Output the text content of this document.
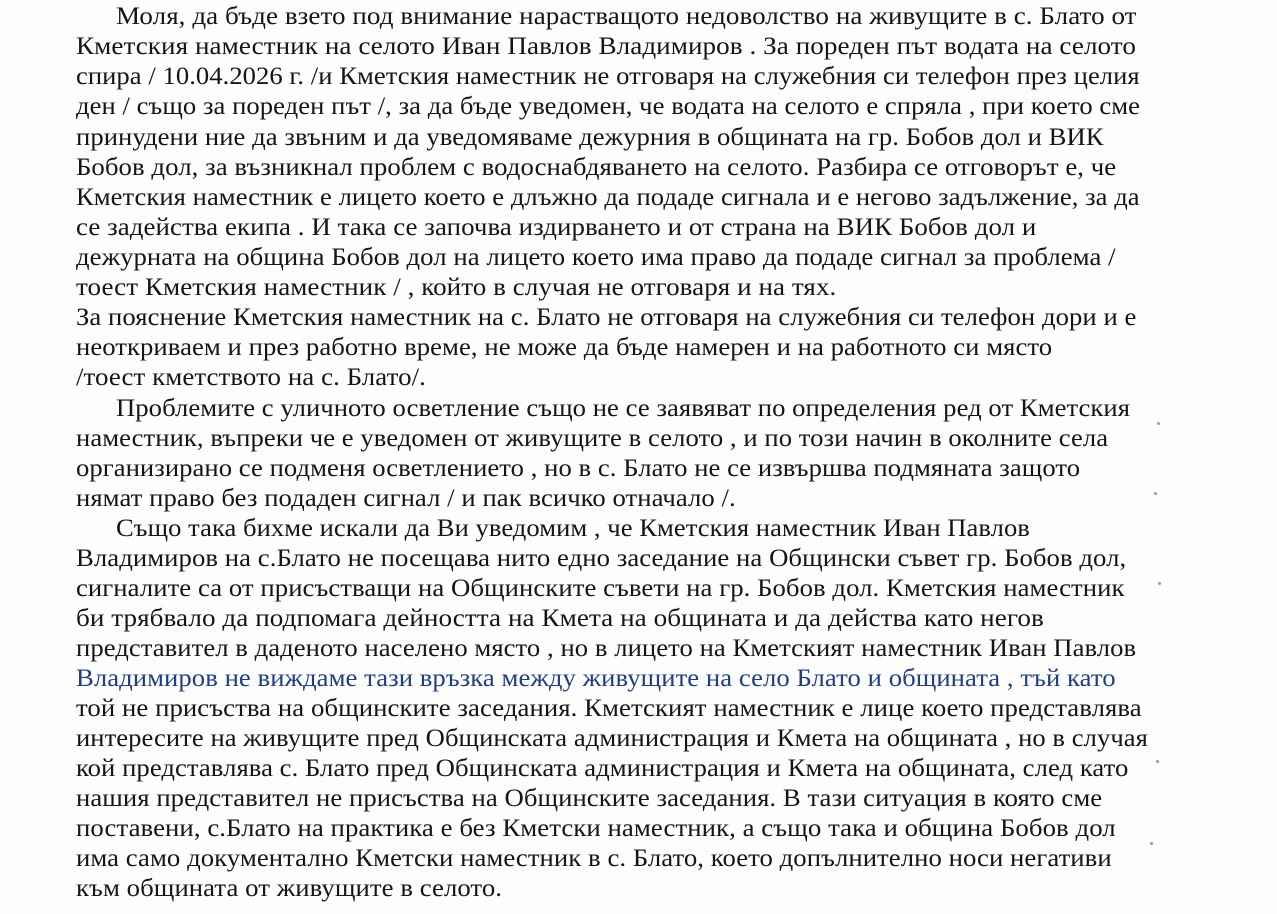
Моля, да бъде взето под внимание нарастващото недоволство на живущите в с. Блато от
Кметския наместник на селото Иван Павлов Владимиров . За пореден път водата на селото
спира / 10.04.2026 г. /и Кметския наместник не отговаря на служебния си телефон през целия
ден / също за пореден път /, за да бъде уведомен, че водата на селото е спряла , при което сме
принудени ние да звъним и да уведомяваме дежурния в общината на гр. Бобов дол и ВИК
Бобов дол, за възникнал проблем с водоснабдяването на селото. Разбира се отговорът е, че
Кметския наместник е лицето което е длъжно да подаде сигнала и е негово задължение, за да
се задейства екипа . И така се започва издирването и от страна на ВИК Бобов дол и
дежурната на община Бобов дол на лицето което има право да подаде сигнал за проблема /
тоест Кметския наместник / , който в случая не отговаря и на тях.
За пояснение Кметския наместник на с. Блато не отговаря на служебния си телефон дори и е
неоткриваем и през работно време, не може да бъде намерен и на работното си място
/тоест кметството на с. Блато/.
Проблемите с уличното осветление също не се заявяват по определения ред от Кметския
наместник, въпреки че е уведомен от живущите в селото , и по този начин в околните села
организирано се подменя осветлението , но в с. Блато не се извършва подмяната защото
нямат право без подаден сигнал / и пак всичко отначало /.
Също така бихме искали да Ви уведомим , че Кметския наместник Иван Павлов
Владимиров на с.Блато не посещава нито едно заседание на Общински съвет гр. Бобов дол,
сигналите са от присъстващи на Общинските съвети на гр. Бобов дол. Кметския наместник
би трябвало да подпомага дейността на Кмета на общината и да действа като негов
представител в даденото населено място , но в лицето на Кметският наместник Иван Павлов
Владимиров не виждаме тази връзка между живущите на село Блато и общината , тъй като
той не присъства на общинските заседания. Кметският наместник е лице което представлява
интересите на живущите пред Общинската администрация и Кмета на общината , но в случая
кой представлява с. Блато пред Общинската администрация и Кмета на общината, след като
нашия представител не присъства на Общинските заседания. В тази ситуация в която сме
поставени, с.Блато на практика е без Кметски наместник, а също така и община Бобов дол
има само документално Кметски наместник в с. Блато, което допълнително носи негативи
към общината от живущите в селото.
